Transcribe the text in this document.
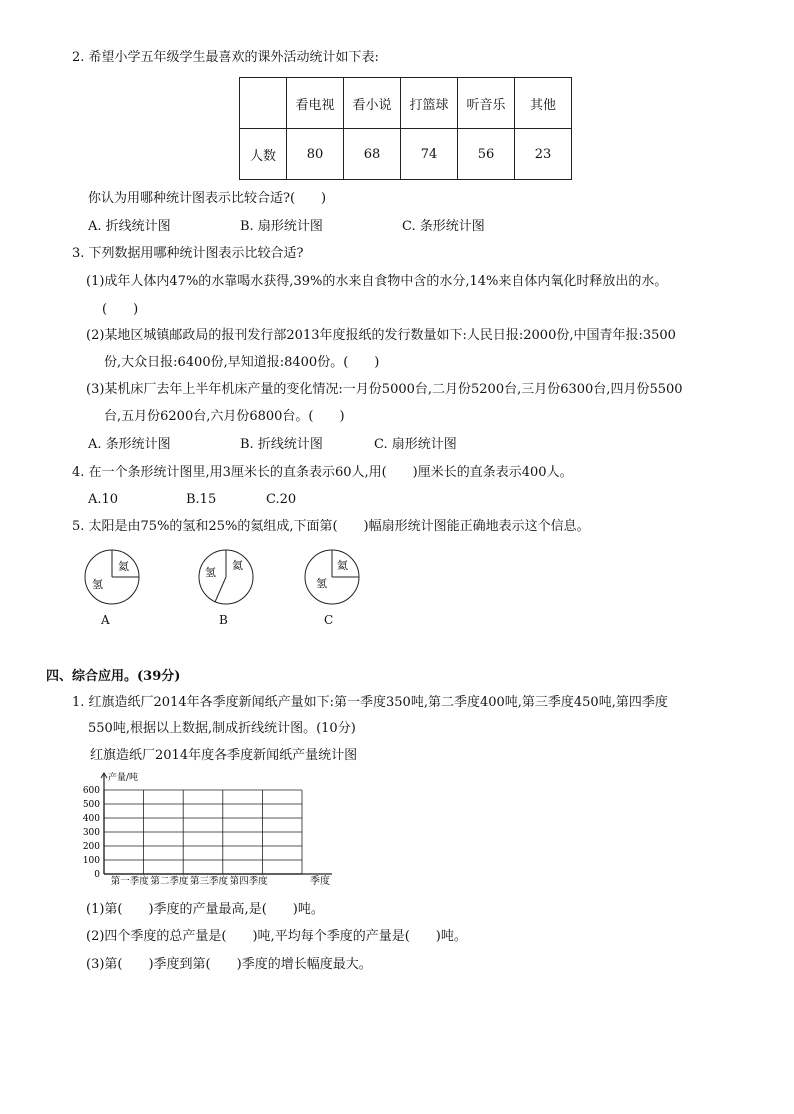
2. 希望小学五年级学生最喜欢的课外活动统计如下表:
	看电视	看小说	打篮球	听音乐	其他
人数	80	68	74	56	23
你认为用哪种统计图表示比较合适?(　　)
A. 折线统计图	B. 扇形统计图	C. 条形统计图
3. 下列数据用哪种统计图表示比较合适?
(1)成年人体内47%的水靠喝水获得,39%的水来自食物中含的水分,14%来自体内氧化时释放出的水。
(　　)
(2)某地区城镇邮政局的报刊发行部2013年度报纸的发行数量如下:人民日报:2000份,中国青年报:3500
份,大众日报:6400份,早知道报:8400份。(　　)
(3)某机床厂去年上半年机床产量的变化情况:一月份5000台,二月份5200台,三月份6300台,四月份5500
台,五月份6200台,六月份6800台。(　　)
A. 条形统计图	B. 折线统计图	C. 扇形统计图
4. 在一个条形统计图里,用3厘米长的直条表示60人,用(　　)厘米长的直条表示400人。
A.10	B.15	C.20
5. 太阳是由75%的氢和25%的氦组成,下面第(　　)幅扇形统计图能正确地表示这个信息。
氦
氢
A
氢
氦
B
氦
氢
C
四、综合应用。(39分)
1. 红旗造纸厂2014年各季度新闻纸产量如下:第一季度350吨,第二季度400吨,第三季度450吨,第四季度
550吨,根据以上数据,制成折线统计图。(10分)
红旗造纸厂2014年度各季度新闻纸产量统计图
0
100
200
300
400
500
600
第一季度 第二季度 第三季度 第四季度
产量/吨
季度
(1)第(　　)季度的产量最高,是(　　)吨。
(2)四个季度的总产量是(　　)吨,平均每个季度的产量是(　　)吨。
(3)第(　　)季度到第(　　)季度的增长幅度最大。
